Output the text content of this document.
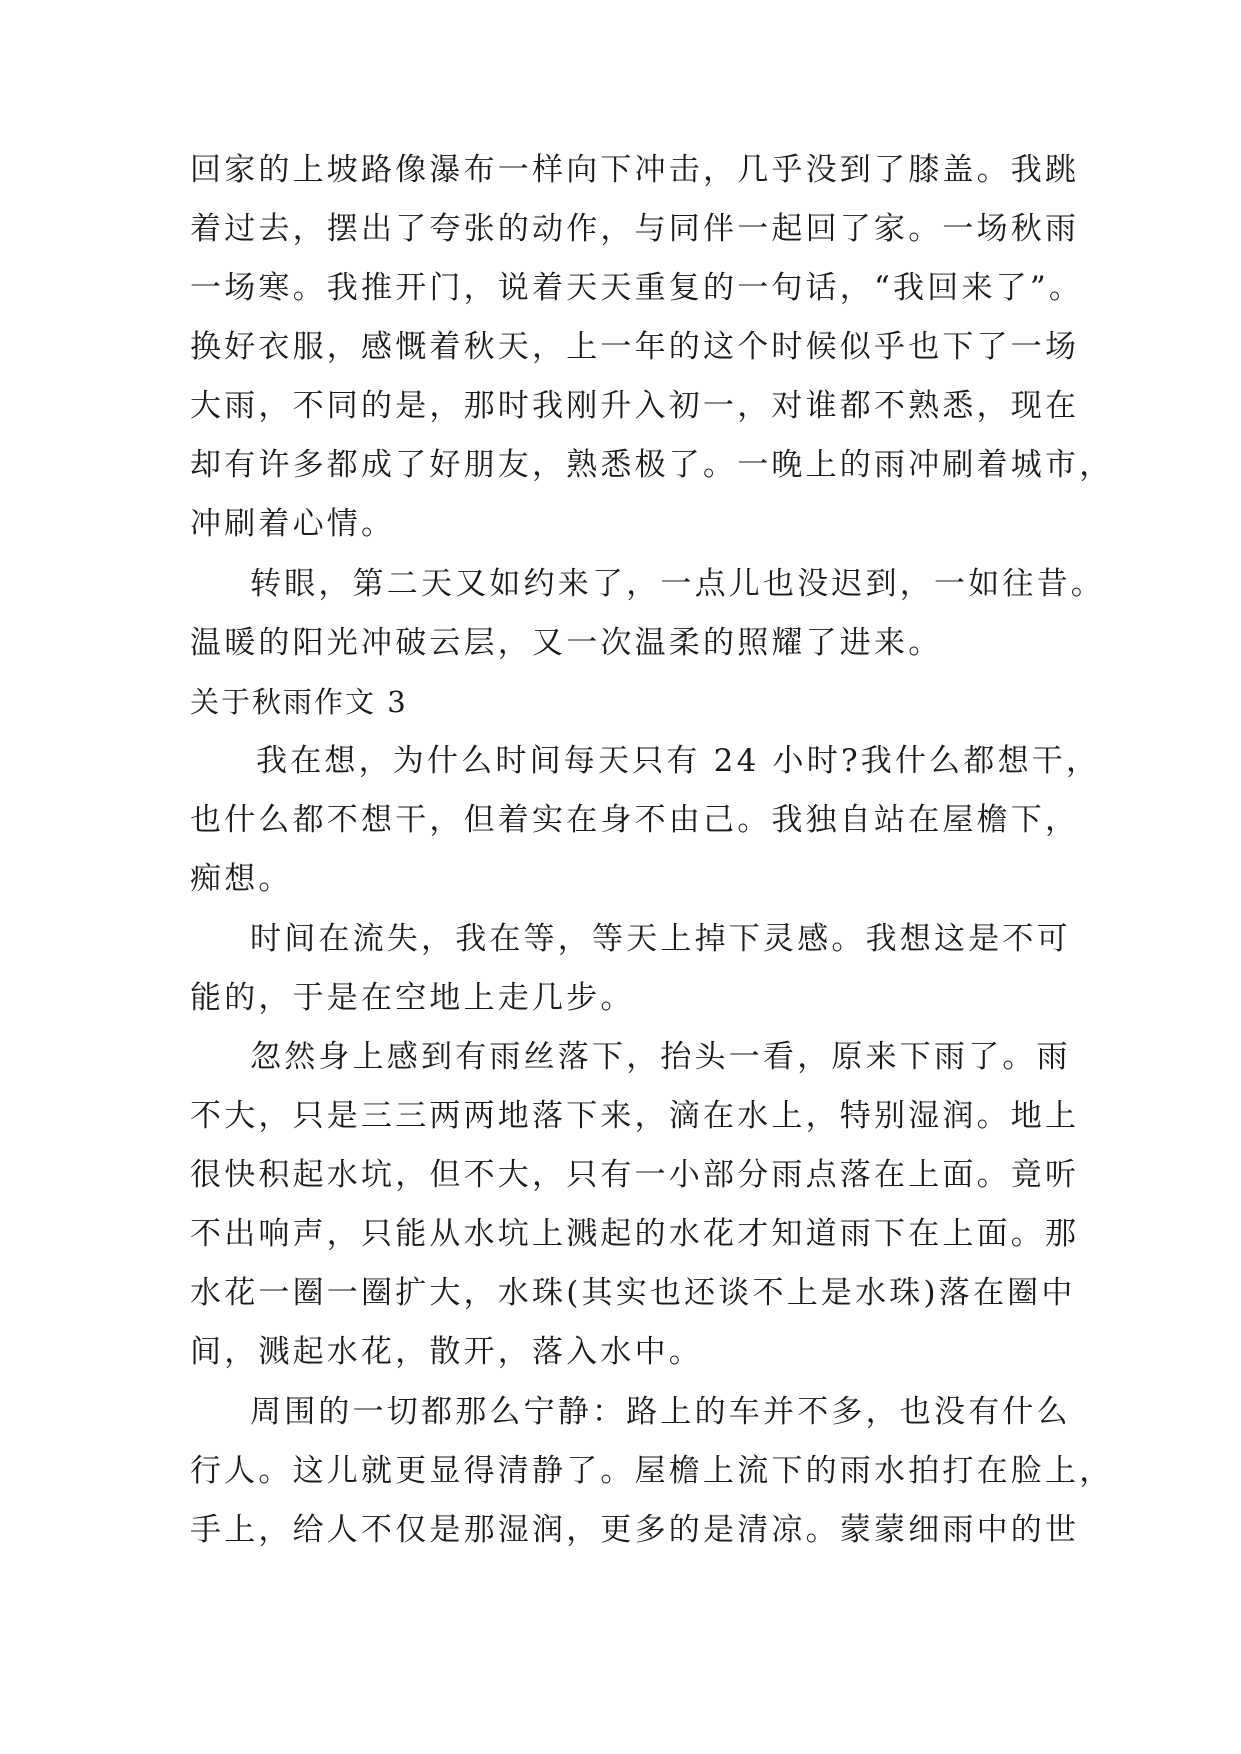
回家的上坡路像瀑布一样向下冲击，几乎没到了膝盖。我跳
着过去，摆出了夸张的动作，与同伴一起回了家。一场秋雨
一场寒。我推开门，说着天天重复的一句话，“我回来了”。
换好衣服，感慨着秋天，上一年的这个时候似乎也下了一场
大雨，不同的是，那时我刚升入初一，对谁都不熟悉，现在
却有许多都成了好朋友，熟悉极了。一晚上的雨冲刷着城市，
冲刷着心情。
转眼，第二天又如约来了，一点儿也没迟到，一如往昔。
温暖的阳光冲破云层，又一次温柔的照耀了进来。
关于秋雨作文 3
我在想，为什么时间每天只有 24 小时?我什么都想干，
也什么都不想干，但着实在身不由己。我独自站在屋檐下，
痴想。
时间在流失，我在等，等天上掉下灵感。我想这是不可
能的，于是在空地上走几步。
忽然身上感到有雨丝落下，抬头一看，原来下雨了。雨
不大，只是三三两两地落下来，滴在水上，特别湿润。地上
很快积起水坑，但不大，只有一小部分雨点落在上面。竟听
不出响声，只能从水坑上溅起的水花才知道雨下在上面。那
水花一圈一圈扩大，水珠(其实也还谈不上是水珠)落在圈中
间，溅起水花，散开，落入水中。
周围的一切都那么宁静：路上的车并不多，也没有什么
行人。这儿就更显得清静了。屋檐上流下的雨水拍打在脸上，
手上，给人不仅是那湿润，更多的是清凉。蒙蒙细雨中的世
